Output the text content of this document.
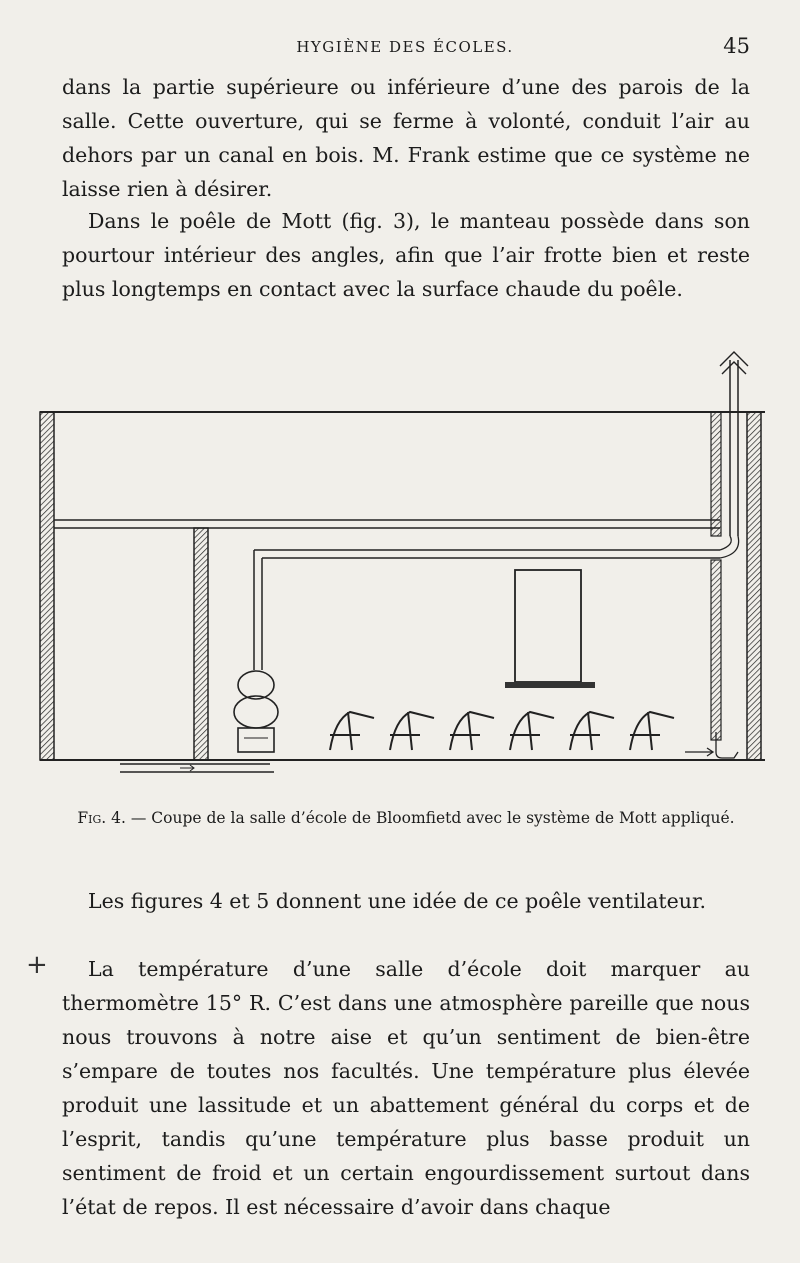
HYGIÈNE DES ÉCOLES.	45

dans la partie supérieure ou inférieure d’une des parois de la salle. Cette ouverture, qui se ferme à volonté, conduit l’air au dehors par un canal en bois. M. Frank estime que ce système ne laisse rien à désirer.

Dans le poêle de Mott (fig. 3), le manteau possède dans son pourtour intérieur des angles, afin que l’air frotte bien et reste plus longtemps en contact avec la surface chaude du poêle.

Fig. 4. — Coupe de la salle d’école de Bloomfietd avec le système de Mott appliqué.

Les figures 4 et 5 donnent une idée de ce poêle ventilateur.

+	La température d’une salle d’école doit marquer au thermomètre 15° R. C’est dans une atmosphère pareille que nous nous trouvons à notre aise et qu’un sentiment de bien-être s’empare de toutes nos facultés. Une température plus élevée produit une lassitude et un abattement général du corps et de l’esprit, tandis qu’une température plus basse produit un sentiment de froid et un certain engourdissement surtout dans l’état de repos. Il est nécessaire d’avoir dans chaque
